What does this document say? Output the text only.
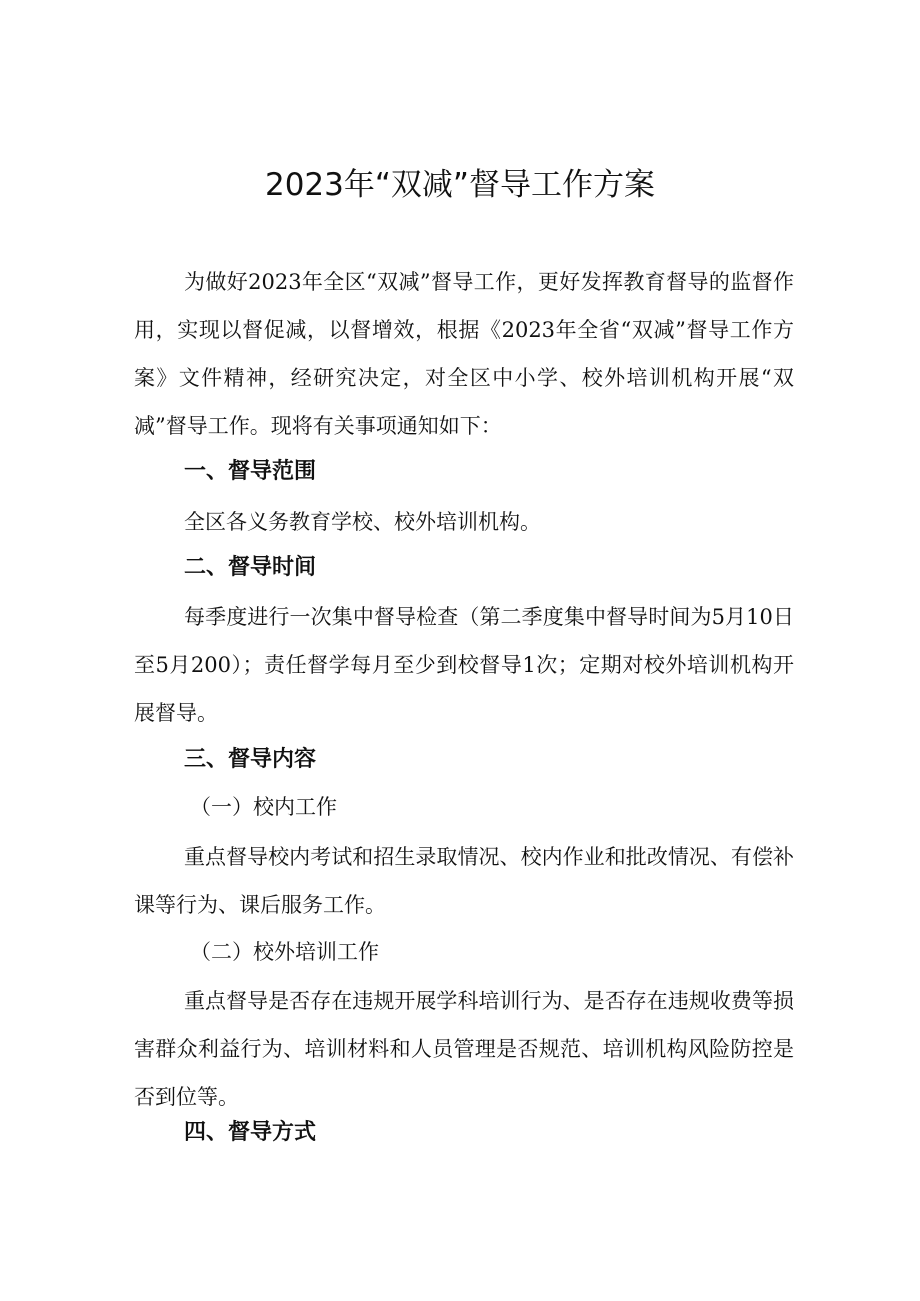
2023年“双减”督导工作方案

为做好2023年全区“双减”督导工作，更好发挥教育督导的监督作用，实现以督促减，以督增效，根据《2023年全省“双减”督导工作方案》文件精神，经研究决定，对全区中小学、校外培训机构开展“双减”督导工作。现将有关事项通知如下：

一、督导范围

全区各义务教育学校、校外培训机构。

二、督导时间

每季度进行一次集中督导检查（第二季度集中督导时间为5月10日至5月200）；责任督学每月至少到校督导1次；定期对校外培训机构开展督导。

三、督导内容

（一）校内工作

重点督导校内考试和招生录取情况、校内作业和批改情况、有偿补课等行为、课后服务工作。

（二）校外培训工作

重点督导是否存在违规开展学科培训行为、是否存在违规收费等损害群众利益行为、培训材料和人员管理是否规范、培训机构风险防控是否到位等。

四、督导方式
